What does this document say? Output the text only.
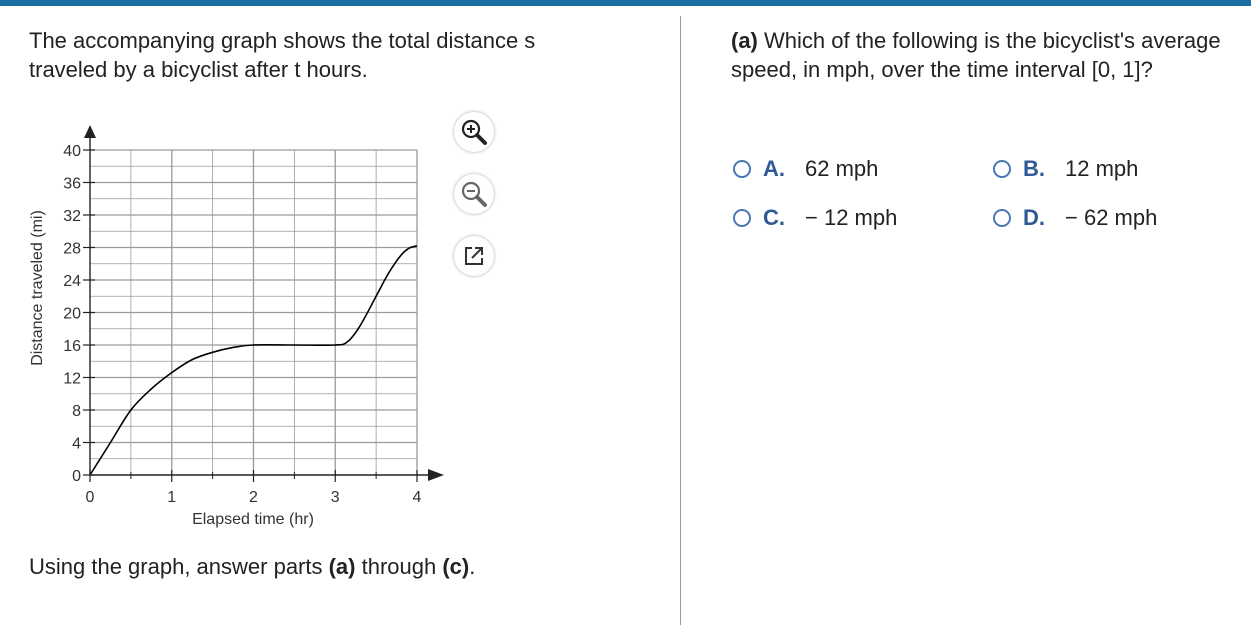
The accompanying graph shows the total distance s traveled by a bicyclist after t hours.
0
4
8
12
16
20
24
28
32
36
40
0	1	2	3	4
Distance traveled (mi)
Elapsed time (hr)
Using the graph, answer parts (a) through (c).
(a) Which of the following is the bicyclist's average speed, in mph, over the time interval [0, 1]?
A. 62 mph	B. 12 mph
C. − 12 mph	D. − 62 mph
